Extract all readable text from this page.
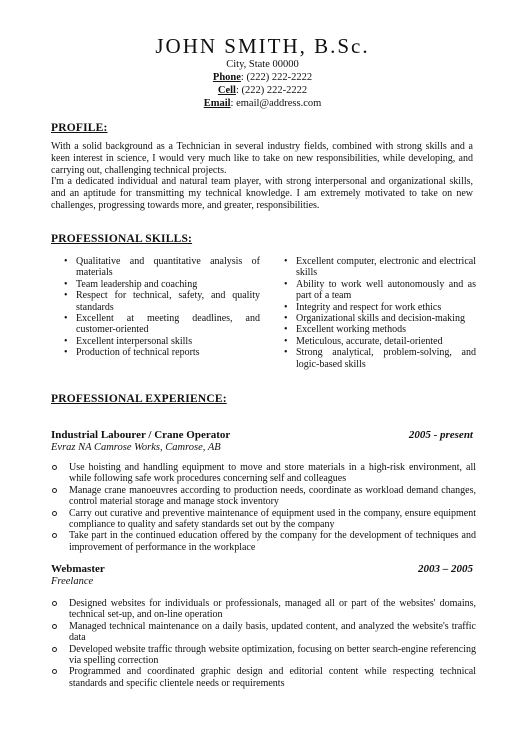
JOHN SMITH, B.Sc.
City, State 00000
Phone: (222) 222-2222
Cell: (222) 222-2222
Email: email@address.com
PROFILE:

With a solid background as a Technician in several industry fields, combined with strong skills and a keen interest in science, I would very much like to take on new responsibilities, while developing, and carrying out, challenging technical projects.

I'm a dedicated individual and natural team player, with strong interpersonal and organizational skills, and an aptitude for transmitting my technical knowledge. I am extremely motivated to take on new challenges, progressing towards more, and greater, responsibilities.

PROFESSIONAL SKILLS:
• Qualitative and quantitative analysis of materials
• Team leadership and coaching
• Respect for technical, safety, and quality standards
• Excellent at meeting deadlines, and customer-oriented
• Excellent interpersonal skills
• Production of technical reports
• Excellent computer, electronic and electrical skills
• Ability to work well autonomously and as part of a team
• Integrity and respect for work ethics
• Organizational skills and decision-making
• Excellent working methods
• Meticulous, accurate, detail-oriented
• Strong analytical, problem-solving, and logic-based skills
PROFESSIONAL EXPERIENCE:
Industrial Labourer / Crane Operator	2005 - present
Evraz NA Camrose Works, Camrose, AB
Use hoisting and handling equipment to move and store materials in a high-risk environment, all while following safe work procedures concerning self and colleagues
Manage crane manoeuvres according to production needs, coordinate as workload demand changes, control material storage and manage stock inventory
Carry out curative and preventive maintenance of equipment used in the company, ensure equipment compliance to quality and safety standards set out by the company
Take part in the continued education offered by the company for the development of techniques and improvement of performance in the workplace
Webmaster	2003 – 2005
Freelance
Designed websites for individuals or professionals, managed all or part of the websites' domains, technical set-up, and on-line operation
Managed technical maintenance on a daily basis, updated content, and analyzed the website's traffic data
Developed website traffic through website optimization, focusing on better search-engine referencing via spelling correction
Programmed and coordinated graphic design and editorial content while respecting technical standards and specific clientele needs or requirements
